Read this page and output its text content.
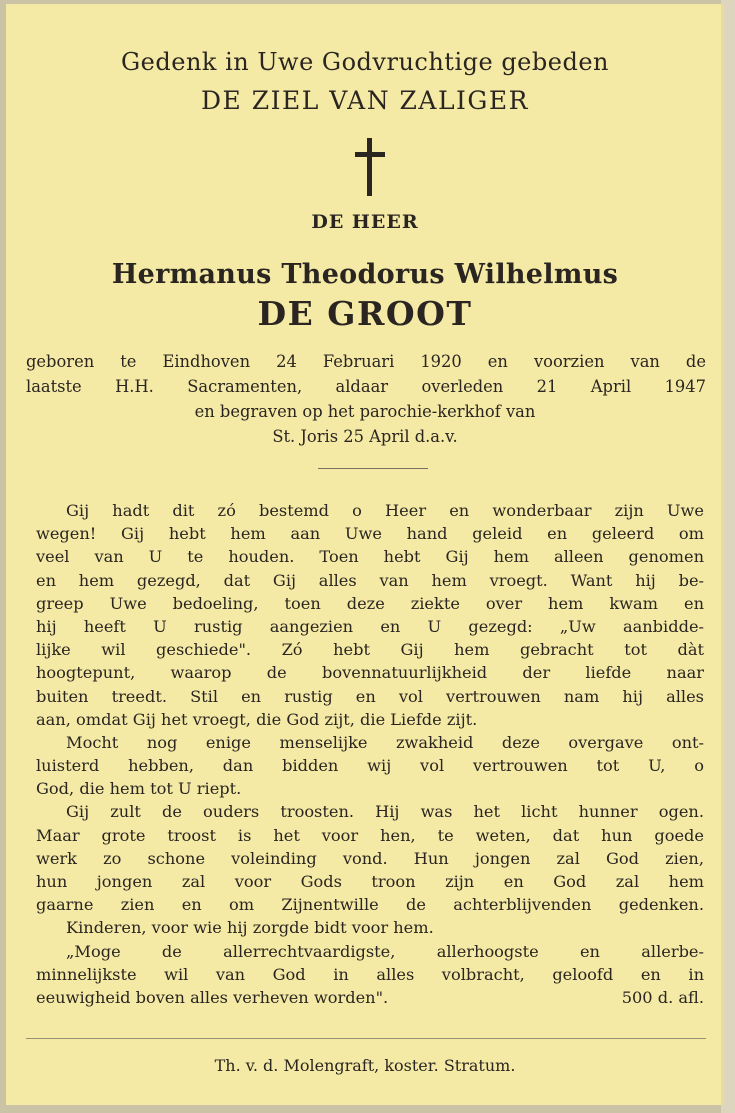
Gedenk in Uwe Godvruchtige gebeden
DE ZIEL VAN ZALIGER
DE HEER
Hermanus Theodorus Wilhelmus
DE GROOT
geboren te Eindhoven 24 Februari 1920 en voorzien van de
laatste H.H. Sacramenten, aldaar overleden 21 April 1947
en begraven op het parochie-kerkhof van
St. Joris 25 April d.a.v.
Gij hadt dit zó bestemd o Heer en wonderbaar zijn Uwe
wegen! Gij hebt hem aan Uwe hand geleid en geleerd om
veel van U te houden. Toen hebt Gij hem alleen genomen
en hem gezegd, dat Gij alles van hem vroegt. Want hij be-
greep Uwe bedoeling, toen deze ziekte over hem kwam en
hij heeft U rustig aangezien en U gezegd: „Uw aanbidde-
lijke wil geschiede". Zó hebt Gij hem gebracht tot dàt
hoogtepunt, waarop de bovennatuurlijkheid der liefde naar
buiten treedt. Stil en rustig en vol vertrouwen nam hij alles
aan, omdat Gij het vroegt, die God zijt, die Liefde zijt.
Mocht nog enige menselijke zwakheid deze overgave ont-
luisterd hebben, dan bidden wij vol vertrouwen tot U, o
God, die hem tot U riept.
Gij zult de ouders troosten. Hij was het licht hunner ogen.
Maar grote troost is het voor hen, te weten, dat hun goede
werk zo schone voleinding vond. Hun jongen zal God zien,
hun jongen zal voor Gods troon zijn en God zal hem
gaarne zien en om Zijnentwille de achterblijvenden gedenken.
Kinderen, voor wie hij zorgde bidt voor hem.
„Moge de allerrechtvaardigste, allerhoogste en allerbe-
minnelijkste wil van God in alles volbracht, geloofd en in
eeuwigheid boven alles verheven worden".	500 d. afl.
Th. v. d. Molengraft, koster. Stratum.
